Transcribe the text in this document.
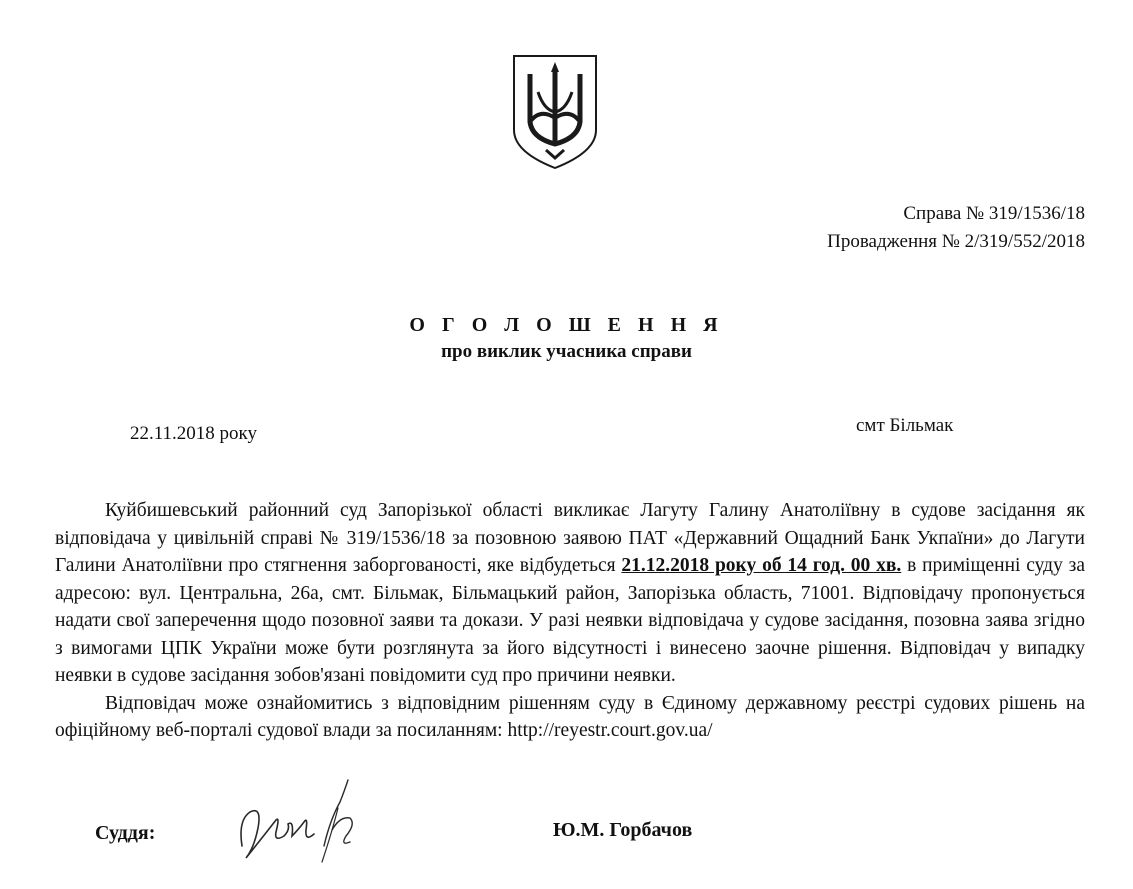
Справа № 319/1536/18
Провадження № 2/319/552/2018
О Г О Л О Ш Е Н Н Я
про виклик учасника справи
22.11.2018 року	смт Більмак

Куйбишевський районний суд Запорізької області викликає Лагуту Галину Анатоліївну в судове засідання як відповідача у цивільній справі № 319/1536/18 за позовною заявою ПАТ «Державний Ощадний Банк Укпаїни» до Лагути Галини Анатоліївни про стягнення заборгованості, яке відбудеться 21.12.2018 року об 14 год. 00 хв. в приміщенні суду за адресою: вул. Центральна, 26а, смт. Більмак, Більмацький район, Запорізька область, 71001. Відповідачу пропонується надати свої заперечення щодо позовної заяви та докази. У разі неявки відповідача у судове засідання, позовна заява згідно з вимогами ЦПК України може бути розглянута за його відсутності і винесено заочне рішення. Відповідач у випадку неявки в судове засідання зобов'язані повідомити суд про причини неявки.

Відповідач може ознайомитись з відповідним рішенням суду в Єдиному державному реєстрі судових рішень на офіційному веб-порталі судової влади за посиланням: http://reyestr.court.gov.ua/

Суддя:	Ю.М. Горбачов
